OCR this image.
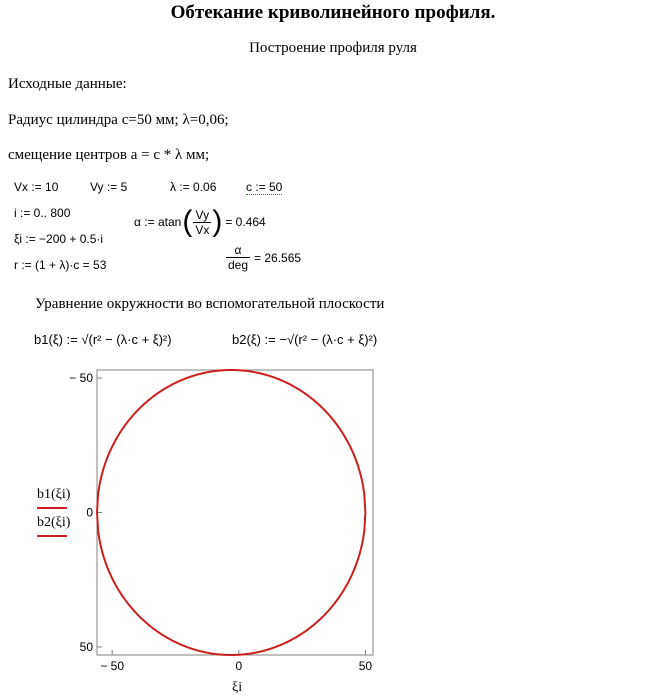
Обтекание криволинейного профиля.
Построение профиля руля
Исходные данные:
Радиус цилиндра c=50 мм; λ=0,06;
смещение центров a = c * λ мм;
Vx := 10	Vy := 5	λ := 0.06 c := 50
i := 0.. 800
ξi := −200 + 0.5·i
r := (1 + λ)·c = 53
α := atan ( $\frac{Vy}{Vx}$ ) = 0.464
$\frac{\alpha}{\text{deg}} = 26.565$
Уравнение окружности во вспомогательной плоскости
b1(ξ) := √(r² − (λ·c + ξ)²)	b2(ξ) := −√(r² − (λ·c + ξ)²)
− 50	0	50
50
0
− 50
b1(ξi)
b2(ξi)
ξi
